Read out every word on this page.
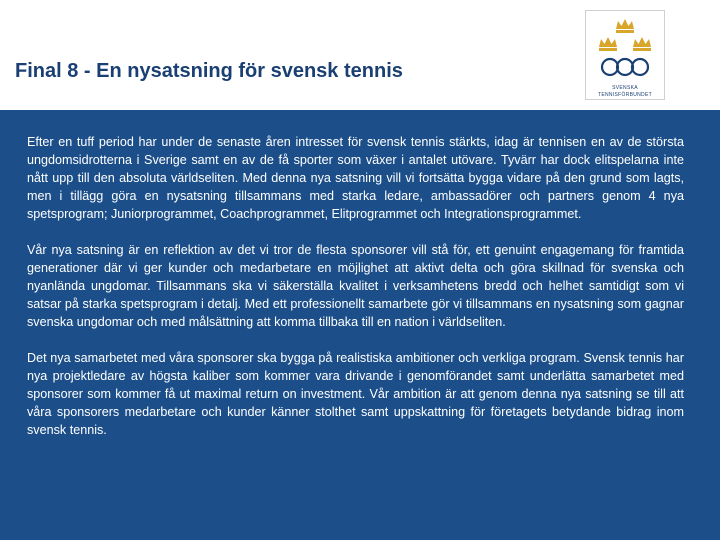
Final 8 - En nysatsning för svensk tennis
SVENSKA
TENNISFÖRBUNDET

Efter en tuff period har under de senaste åren intresset för svensk tennis stärkts, idag är tennisen en av de största ungdomsidrotterna i Sverige samt en av de få sporter som växer i antalet utövare. Tyvärr har dock elitspelarna inte nått upp till den absoluta världseliten. Med denna nya satsning vill vi fortsätta bygga vidare på den grund som lagts, men i tillägg göra en nysatsning tillsammans med starka ledare, ambassadörer och partners genom 4 nya spetsprogram; Juniorprogrammet, Coachprogrammet, Elitprogrammet och Integrationsprogrammet.

Vår nya satsning är en reflektion av det vi tror de flesta sponsorer vill stå för, ett genuint engagemang för framtida generationer där vi ger kunder och medarbetare en möjlighet att aktivt delta och göra skillnad för svenska och nyanlända ungdomar. Tillsammans ska vi säkerställa kvalitet i verksamhetens bredd och helhet samtidigt som vi satsar på starka spetsprogram i detalj. Med ett professionellt samarbete gör vi tillsammans en nysatsning som gagnar svenska ungdomar och med målsättning att komma tillbaka till en nation i världseliten.

Det nya samarbetet med våra sponsorer ska bygga på realistiska ambitioner och verkliga program. Svensk tennis har nya projektledare av högsta kaliber som kommer vara drivande i genomförandet samt underlätta samarbetet med sponsorer som kommer få ut maximal return on investment. Vår ambition är att genom denna nya satsning se till att våra sponsorers medarbetare och kunder känner stolthet samt uppskattning för företagets betydande bidrag inom svensk tennis.
